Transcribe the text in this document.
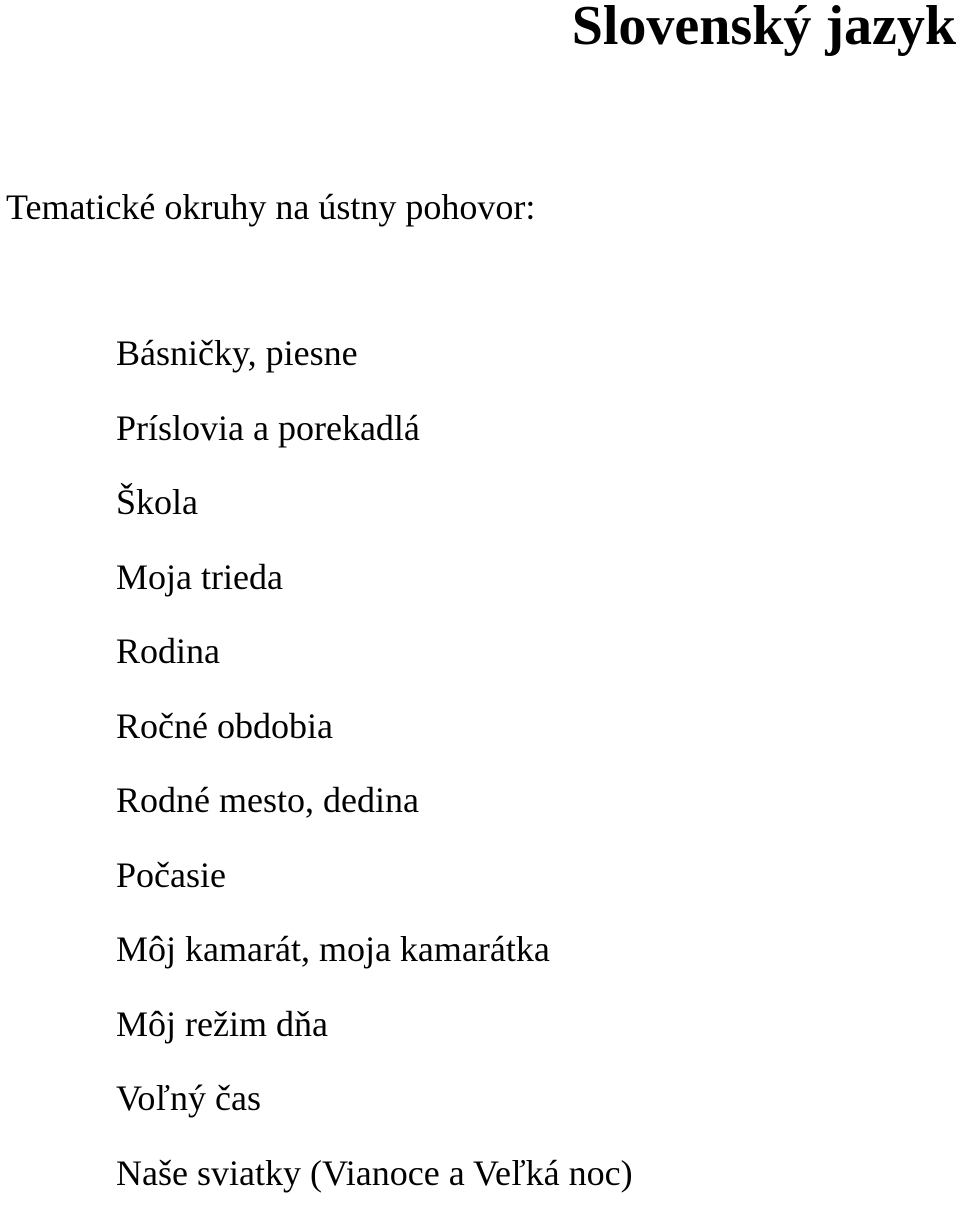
Slovenský jazyk

Tematické okruhy na ústny pohovor:

Básničky, piesne
Príslovia a porekadlá
Škola
Moja trieda
Rodina
Ročné obdobia
Rodné mesto, dedina
Počasie
Môj kamarát, moja kamarátka
Môj režim dňa
Voľný čas
Naše sviatky (Vianoce a Veľká noc)
